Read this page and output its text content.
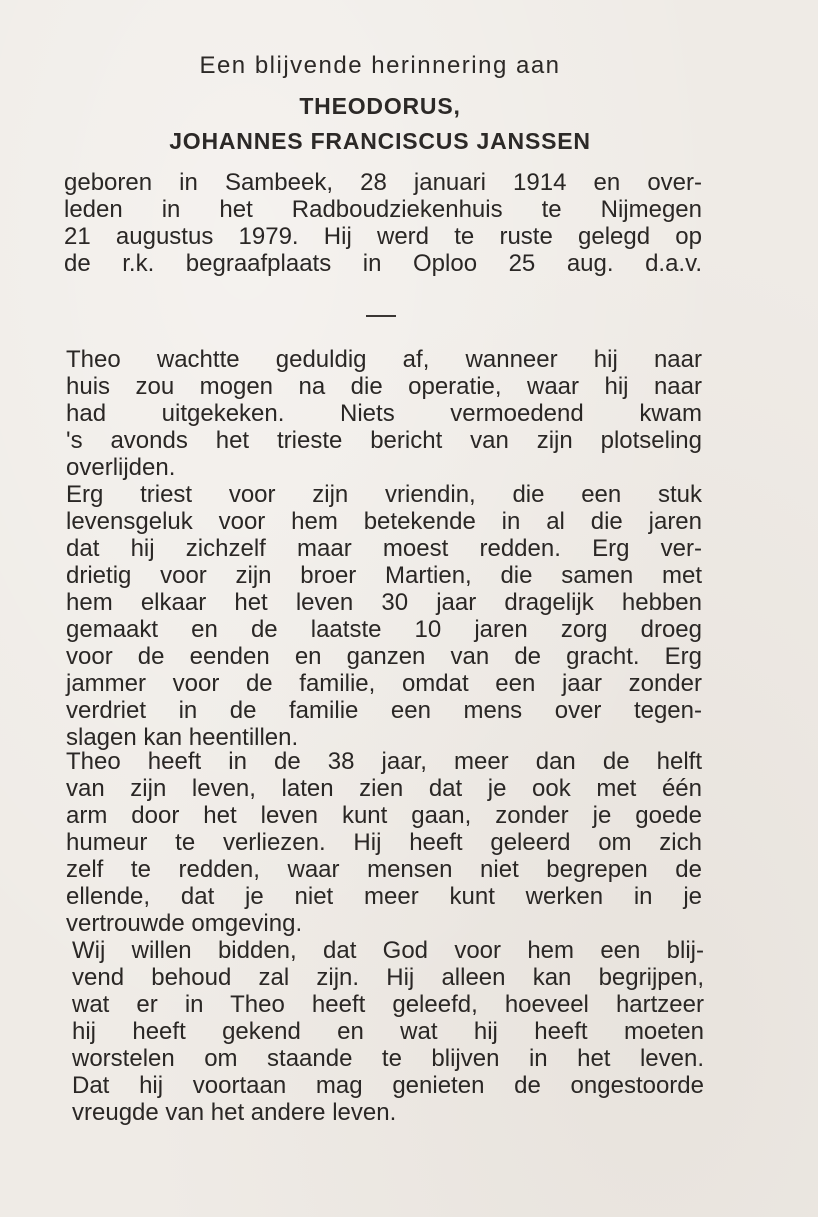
Een blijvende herinnering aan
THEODORUS,
JOHANNES FRANCISCUS JANSSEN
geboren in Sambeek, 28 januari 1914 en over-
leden in het Radboudziekenhuis te Nijmegen
21 augustus 1979. Hij werd te ruste gelegd op
de r.k. begraafplaats in Oploo 25 aug. d.a.v.
Theo wachtte geduldig af, wanneer hij naar
huis zou mogen na die operatie, waar hij naar
had uitgekeken. Niets vermoedend kwam
's avonds het trieste bericht van zijn plotseling
overlijden.
Erg triest voor zijn vriendin, die een stuk
levensgeluk voor hem betekende in al die jaren
dat hij zichzelf maar moest redden. Erg ver-
drietig voor zijn broer Martien, die samen met
hem elkaar het leven 30 jaar dragelijk hebben
gemaakt en de laatste 10 jaren zorg droeg
voor de eenden en ganzen van de gracht. Erg
jammer voor de familie, omdat een jaar zonder
verdriet in de familie een mens over tegen-
slagen kan heentillen.
Theo heeft in de 38 jaar, meer dan de helft
van zijn leven, laten zien dat je ook met één
arm door het leven kunt gaan, zonder je goede
humeur te verliezen. Hij heeft geleerd om zich
zelf te redden, waar mensen niet begrepen de
ellende, dat je niet meer kunt werken in je
vertrouwde omgeving.
Wij willen bidden, dat God voor hem een blij-
vend behoud zal zijn. Hij alleen kan begrijpen,
wat er in Theo heeft geleefd, hoeveel hartzeer
hij heeft gekend en wat hij heeft moeten
worstelen om staande te blijven in het leven.
Dat hij voortaan mag genieten de ongestoorde
vreugde van het andere leven.
